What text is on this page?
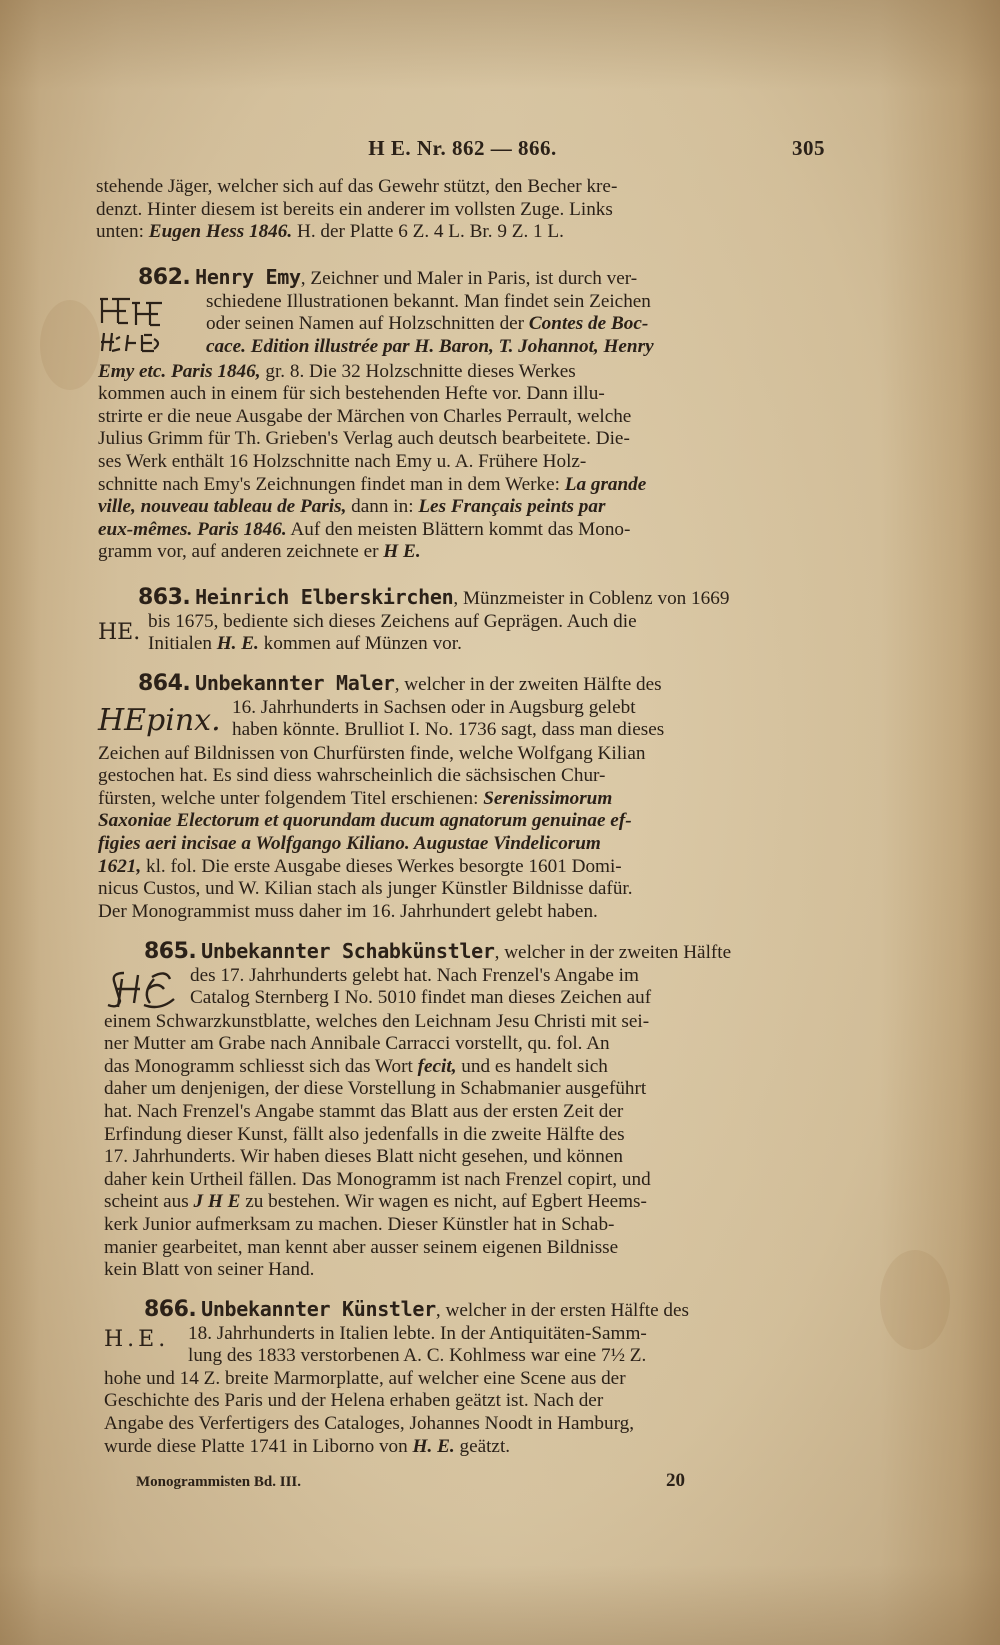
H E. Nr. 862 — 866.	305
stehende Jäger, welcher sich auf das Gewehr stützt, den Becher kre-
denzt. Hinter diesem ist bereits ein anderer im vollsten Zuge. Links
unten: Eugen Hess 1846. H. der Platte 6 Z. 4 L. Br. 9 Z. 1 L.
862. Henry Emy, Zeichner und Maler in Paris, ist durch ver-
schiedene Illustrationen bekannt. Man findet sein Zeichen
oder seinen Namen auf Holzschnitten der Contes de Boc-
cace. Edition illustrée par H. Baron, T. Johannot, Henry
Emy etc. Paris 1846, gr. 8. Die 32 Holzschnitte dieses Werkes
kommen auch in einem für sich bestehenden Hefte vor. Dann illu-
strirte er die neue Ausgabe der Märchen von Charles Perrault, welche
Julius Grimm für Th. Grieben's Verlag auch deutsch bearbeitete. Die-
ses Werk enthält 16 Holzschnitte nach Emy u. A. Frühere Holz-
schnitte nach Emy's Zeichnungen findet man in dem Werke: La grande
ville, nouveau tableau de Paris, dann in: Les Français peints par
eux-mêmes. Paris 1846. Auf den meisten Blättern kommt das Mono-
gramm vor, auf anderen zeichnete er H E.
863. Heinrich Elberskirchen, Münzmeister in Coblenz von 1669
HE. bis 1675, bediente sich dieses Zeichens auf Geprägen. Auch die
Initialen H. E. kommen auf Münzen vor.
864. Unbekannter Maler, welcher in der zweiten Hälfte des
HEpinx. 16. Jahrhunderts in Sachsen oder in Augsburg gelebt
haben könnte. Brulliot I. No. 1736 sagt, dass man dieses
Zeichen auf Bildnissen von Churfürsten finde, welche Wolfgang Kilian
gestochen hat. Es sind diess wahrscheinlich die sächsischen Chur-
fürsten, welche unter folgendem Titel erschienen: Serenissimorum
Saxoniae Electorum et quorundam ducum agnatorum genuinae ef-
figies aeri incisae a Wolfgango Kiliano. Augustae Vindelicorum
1621, kl. fol. Die erste Ausgabe dieses Werkes besorgte 1601 Domi-
nicus Custos, und W. Kilian stach als junger Künstler Bildnisse dafür.
Der Monogrammist muss daher im 16. Jahrhundert gelebt haben.
865. Unbekannter Schabkünstler, welcher in der zweiten Hälfte
des 17. Jahrhunderts gelebt hat. Nach Frenzel's Angabe im
Catalog Sternberg I No. 5010 findet man dieses Zeichen auf
einem Schwarzkunstblatte, welches den Leichnam Jesu Christi mit sei-
ner Mutter am Grabe nach Annibale Carracci vorstellt, qu. fol. An
das Monogramm schliesst sich das Wort fecit, und es handelt sich
daher um denjenigen, der diese Vorstellung in Schabmanier ausgeführt
hat. Nach Frenzel's Angabe stammt das Blatt aus der ersten Zeit der
Erfindung dieser Kunst, fällt also jedenfalls in die zweite Hälfte des
17. Jahrhunderts. Wir haben dieses Blatt nicht gesehen, und können
daher kein Urtheil fällen. Das Monogramm ist nach Frenzel copirt, und
scheint aus J H E zu bestehen. Wir wagen es nicht, auf Egbert Heems-
kerk Junior aufmerksam zu machen. Dieser Künstler hat in Schab-
manier gearbeitet, man kennt aber ausser seinem eigenen Bildnisse
kein Blatt von seiner Hand.
866. Unbekannter Künstler, welcher in der ersten Hälfte des
H.E. 18. Jahrhunderts in Italien lebte. In der Antiquitäten-Samm-
lung des 1833 verstorbenen A. C. Kohlmess war eine 7½ Z.
hohe und 14 Z. breite Marmorplatte, auf welcher eine Scene aus der
Geschichte des Paris und der Helena erhaben geätzt ist. Nach der
Angabe des Verfertigers des Cataloges, Johannes Noodt in Hamburg,
wurde diese Platte 1741 in Liborno von H. E. geätzt.
Monogrammisten Bd. III.	20
